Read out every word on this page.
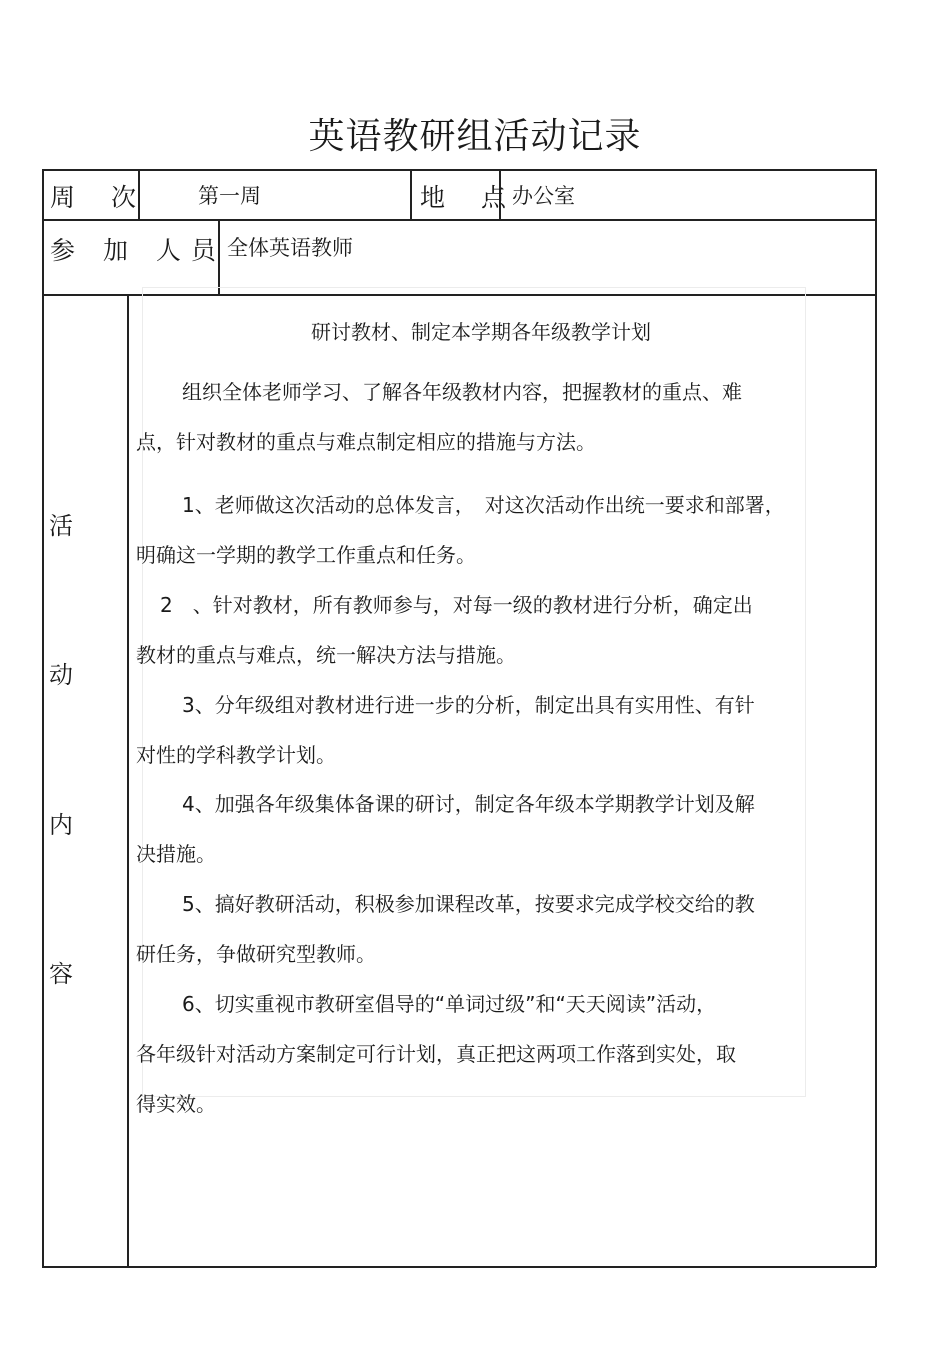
英语教研组活动记录
周 次 第一周	地 点
办公室
参 加 人员 全体英语教师
活
动
内
容
研讨教材、制定本学期各年级教学计划

组织全体老师学习、了解各年级教材内容，把握教材的重点、难

点，针对教材的重点与难点制定相应的措施与方法。

1、老师做这次活动的总体发言，　对这次活动作出统一要求和部署，

明确这一学期的教学工作重点和任务。

2　、针对教材，所有教师参与，对每一级的教材进行分析，确定出

教材的重点与难点，统一解决方法与措施。

3、分年级组对教材进行进一步的分析，制定出具有实用性、有针

对性的学科教学计划。

4、加强各年级集体备课的研讨，制定各年级本学期教学计划及解

决措施。

5、搞好教研活动，积极参加课程改革，按要求完成学校交给的教

研任务，争做研究型教师。

6、切实重视市教研室倡导的“单词过级”和“天天阅读”活动，

各年级针对活动方案制定可行计划，真正把这两项工作落到实处，取

得实效。
